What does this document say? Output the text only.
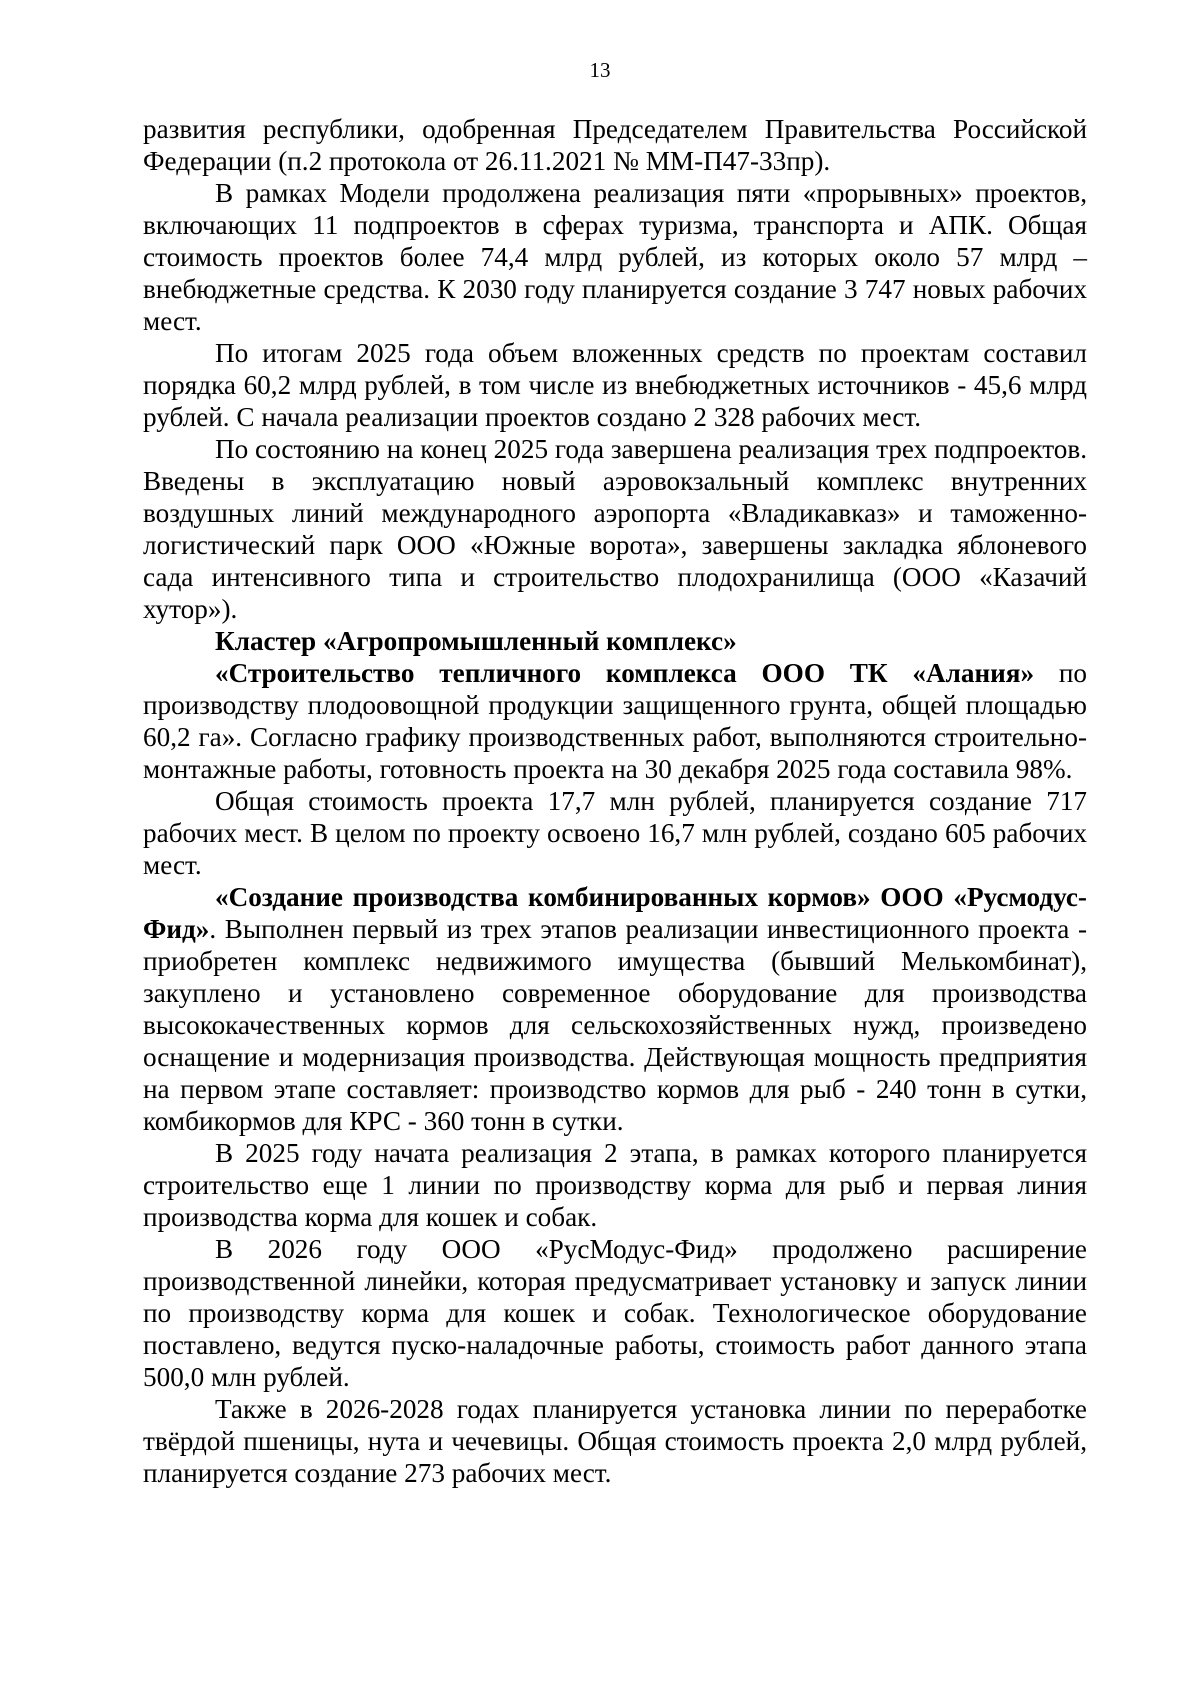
13

развития республики, одобренная Председателем Правительства Российской Федерации (п.2 протокола от 26.11.2021 № ММ-П47-33пр).

В рамках Модели продолжена реализация пяти «прорывных» проектов, включающих 11 подпроектов в сферах туризма, транспорта и АПК. Общая стоимость проектов более 74,4 млрд рублей, из которых около 57 млрд – внебюджетные средства. К 2030 году планируется создание 3 747 новых рабочих мест.

По итогам 2025 года объем вложенных средств по проектам составил порядка 60,2 млрд рублей, в том числе из внебюджетных источников - 45,6 млрд рублей. С начала реализации проектов создано 2 328 рабочих мест.

По состоянию на конец 2025 года завершена реализация трех подпроектов. Введены в эксплуатацию новый аэровокзальный комплекс внутренних воздушных линий международного аэропорта «Владикавказ» и таможенно-логистический парк ООО «Южные ворота», завершены закладка яблоневого сада интенсивного типа и строительство плодохранилища (ООО «Казачий хутор»).

Кластер «Агропромышленный комплекс»

«Строительство тепличного комплекса ООО ТК «Алания» по производству плодоовощной продукции защищенного грунта, общей площадью 60,2 га». Согласно графику производственных работ, выполняются строительно-монтажные работы, готовность проекта на 30 декабря 2025 года составила 98%.

Общая стоимость проекта 17,7 млн рублей, планируется создание 717 рабочих мест. В целом по проекту освоено 16,7 млн рублей, создано 605 рабочих мест.

«Создание производства комбинированных кормов» ООО «Русмодус-Фид». Выполнен первый из трех этапов реализации инвестиционного проекта - приобретен комплекс недвижимого имущества (бывший Мелькомбинат), закуплено и установлено современное оборудование для производства высококачественных кормов для сельскохозяйственных нужд, произведено оснащение и модернизация производства. Действующая мощность предприятия на первом этапе составляет: производство кормов для рыб - 240 тонн в сутки, комбикормов для КРС - 360 тонн в сутки.

В 2025 году начата реализация 2 этапа, в рамках которого планируется строительство еще 1 линии по производству корма для рыб и первая линия производства корма для кошек и собак.

В 2026 году ООО «РусМодус-Фид» продолжено расширение производственной линейки, которая предусматривает установку и запуск линии по производству корма для кошек и собак. Технологическое оборудование поставлено, ведутся пуско-наладочные работы, стоимость работ данного этапа 500,0 млн рублей.

Также в 2026-2028 годах планируется установка линии по переработке твёрдой пшеницы, нута и чечевицы. Общая стоимость проекта 2,0 млрд рублей, планируется создание 273 рабочих мест.
